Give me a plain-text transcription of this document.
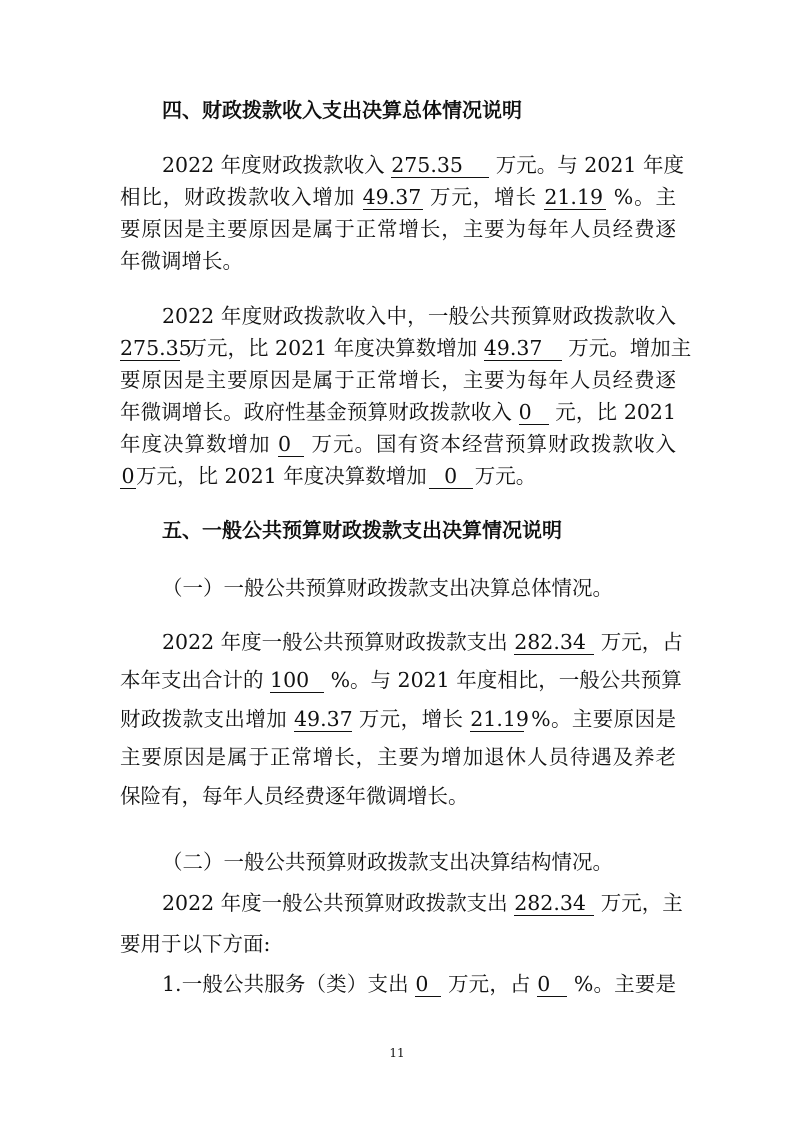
四、财政拨款收入支出决算总体情况说明
2022 年度财政拨款收入 275.35 万元。与 2021 年度
相比，财政拨款收入增加 49.37 万元，增长 21.19 %。主
要原因是主要原因是属于正常增长，主要为每年人员经费逐
年微调增长。
2022 年度财政拨款收入中，一般公共预算财政拨款收入
275.35 万元，比 2021 年度决算数增加 49.37 万元。增加主
要原因是主要原因是属于正常增长，主要为每年人员经费逐
年微调增长。政府性基金预算财政拨款收入 0 元，比 2021
年度决算数增加 0 万元。国有资本经营预算财政拨款收入
0万元，比 2021 年度决算数增加 0 万元。
五、一般公共预算财政拨款支出决算情况说明
（一）一般公共预算财政拨款支出决算总体情况。
2022 年度一般公共预算财政拨款支出 282.34 万元，占
本年支出合计的 100 %。与 2021 年度相比，一般公共预算
财政拨款支出增加 49.37 万元，增长 21.19 %。主要原因是
主要原因是属于正常增长，主要为增加退休人员待遇及养老
保险有，每年人员经费逐年微调增长。
（二）一般公共预算财政拨款支出决算结构情况。
2022 年度一般公共预算财政拨款支出 282.34 万元，主
要用于以下方面:
1.一般公共服务（类）支出 0 万元，占 0 %。主要是
11
